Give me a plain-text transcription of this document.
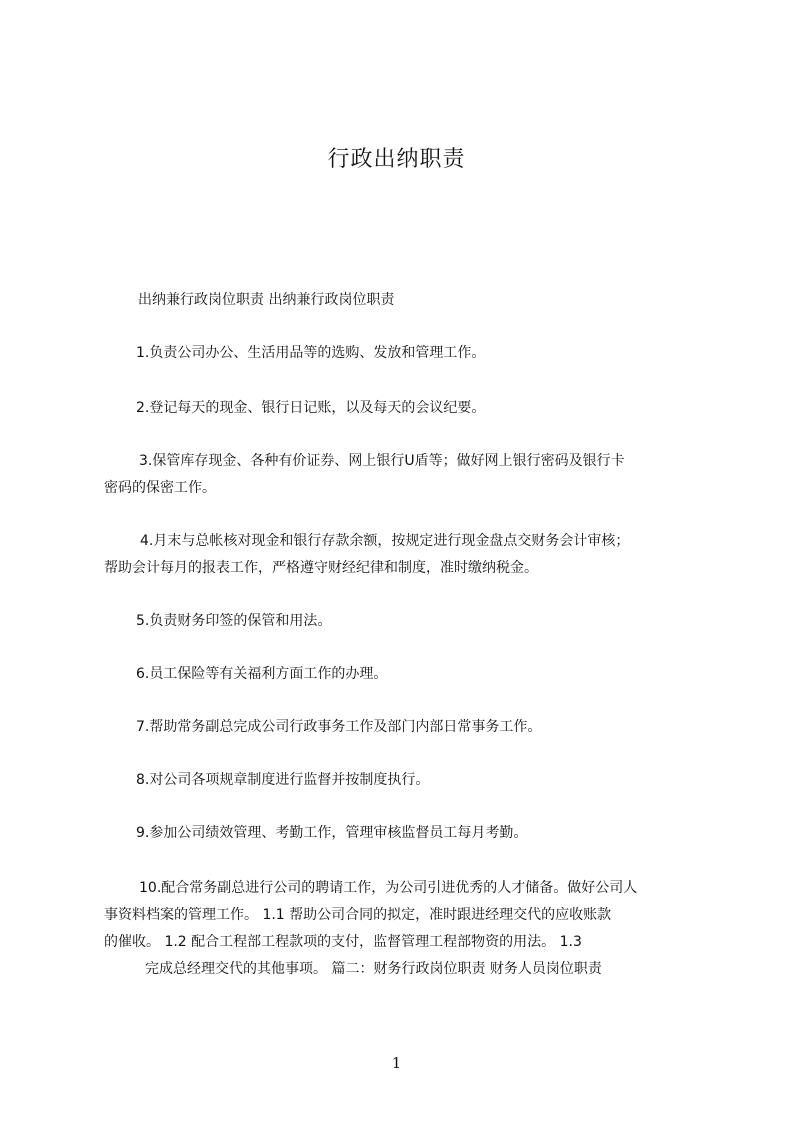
行政出纳职责
出纳兼行政岗位职责 出纳兼行政岗位职责
1.负责公司办公、生活用品等的选购、发放和管理工作。
2.登记每天的现金、银行日记账，以及每天的会议纪要。
3.保管库存现金、各种有价证券、网上银行U盾等；做好网上银行密码及银行卡
密码的保密工作。
4.月末与总帐核对现金和银行存款余额，按规定进行现金盘点交财务会计审核；
帮助会计每月的报表工作，严格遵守财经纪律和制度，准时缴纳税金。
5.负责财务印签的保管和用法。
6.员工保险等有关福利方面工作的办理。
7.帮助常务副总完成公司行政事务工作及部门内部日常事务工作。
8.对公司各项规章制度进行监督并按制度执行。
9.参加公司绩效管理、考勤工作，管理审核监督员工每月考勤。
10.配合常务副总进行公司的聘请工作，为公司引进优秀的人才储备。做好公司人
事资料档案的管理工作。 1.1 帮助公司合同的拟定，准时跟进经理交代的应收账款
的催收。 1.2 配合工程部工程款项的支付，监督管理工程部物资的用法。 1.3
完成总经理交代的其他事项。 篇二：财务行政岗位职责 财务人员岗位职责
1
